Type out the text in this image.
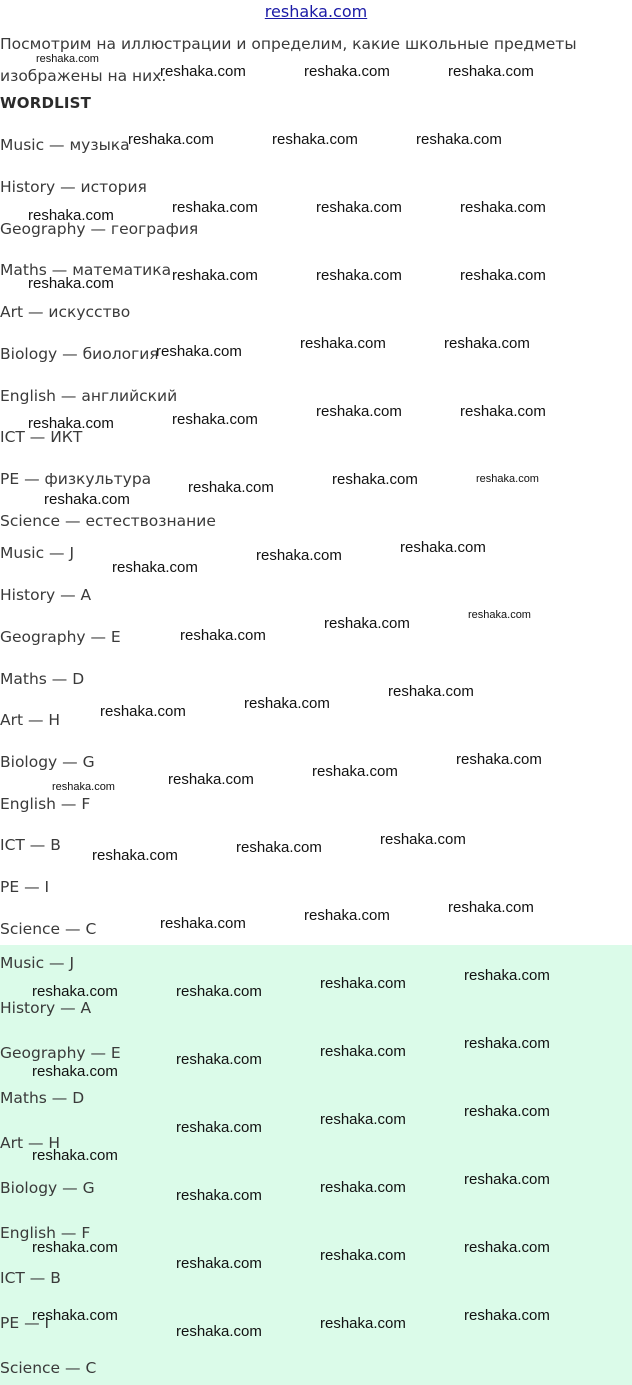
reshaka.com
Посмотрим на иллюстрации и определим, какие школьные предметы изображены на них.
WORDLIST
Music — музыка
History — история
Geography — география
Maths — математика
Art — искусство
Biology — биология
English — английский
ICT — ИКТ
PE — физкультура
Science — естествознание
Music — J
History — A
Geography — E
Maths — D
Art — H
Biology — G
English — F
ICT — B
PE — I
Science — C
Music — J
History — A
Geography — E
Maths — D
Art — H
Biology — G
English — F
ICT — B
PE — I
Science — C
reshaka.com
reshaka.com	reshaka.com	reshaka.com
reshaka.com	reshaka.com	reshaka.com
reshaka.com	reshaka.com	reshaka.com	reshaka.com
reshaka.com	reshaka.com	reshaka.com	reshaka.com
reshaka.com	reshaka.com	reshaka.com
reshaka.com	reshaka.com	reshaka.com	reshaka.com
reshaka.com
reshaka.com	reshaka.com	reshaka.com
reshaka.com
reshaka.com	reshaka.com
reshaka.com
reshaka.com	reshaka.com
reshaka.com	reshaka.com
reshaka.com
reshaka.com	reshaka.com	reshaka.com
reshaka.com
reshaka.com	reshaka.com	reshaka.com
reshaka.com	reshaka.com	reshaka.com
reshaka.com
reshaka.com
reshaka.com	reshaka.com
reshaka.com
reshaka.com
reshaka.com
reshaka.com
reshaka.com
reshaka.com
reshaka.com
reshaka.com
reshaka.com
reshaka.com
reshaka.com
reshaka.com	reshaka.com
reshaka.com
reshaka.com
reshaka.com	reshaka.com
reshaka.com
reshaka.com
